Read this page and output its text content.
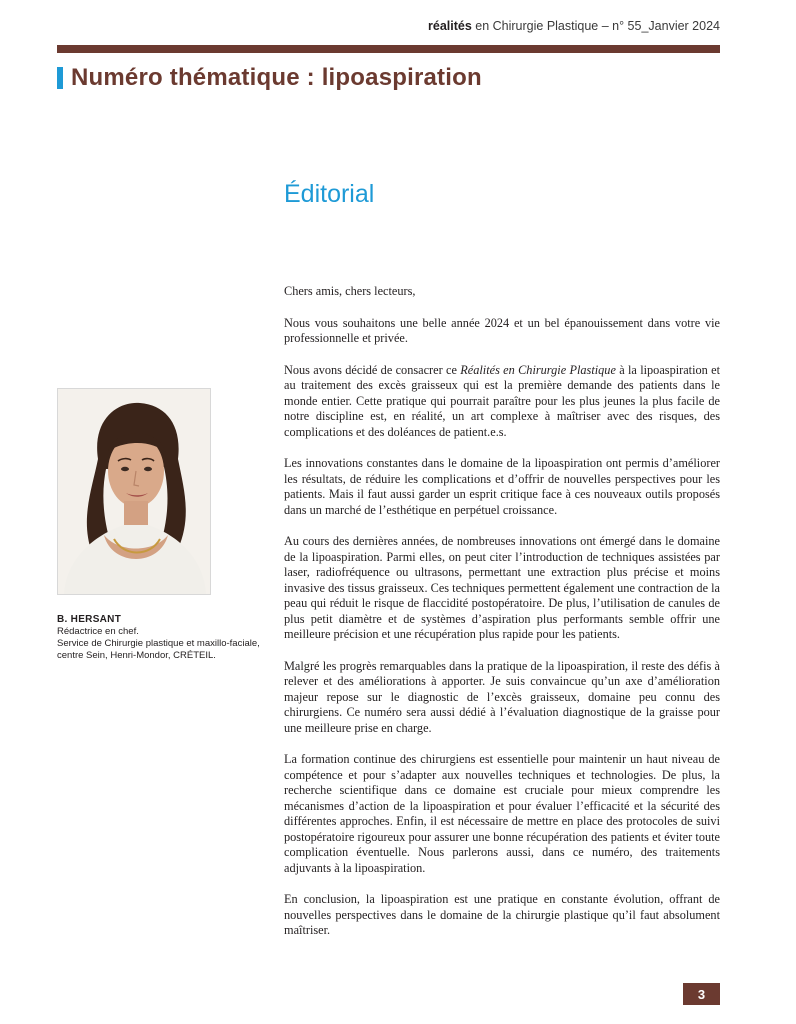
réalités en Chirurgie Plastique – n° 55_Janvier 2024
Numéro thématique : lipoaspiration
Éditorial
B. HERSANT
Rédactrice en chef.
Service de Chirurgie plastique et maxillo-faciale,
centre Sein, Henri-Mondor, CRÉTEIL.

Chers amis, chers lecteurs,

Nous vous souhaitons une belle année 2024 et un bel épanouissement dans votre vie professionnelle et privée.

Nous avons décidé de consacrer ce Réalités en Chirurgie Plastique à la lipoaspiration et au traitement des excès graisseux qui est la première demande des patients dans le monde entier. Cette pratique qui pourrait paraître pour les plus jeunes la plus facile de notre discipline est, en réalité, un art complexe à maîtriser avec des risques, des complications et des doléances de patient.e.s.

Les innovations constantes dans le domaine de la lipoaspiration ont permis d’améliorer les résultats, de réduire les complications et d’offrir de nouvelles perspectives pour les patients. Mais il faut aussi garder un esprit critique face à ces nouveaux outils proposés dans un marché de l’esthétique en perpétuel croissance.

Au cours des dernières années, de nombreuses innovations ont émergé dans le domaine de la lipoaspiration. Parmi elles, on peut citer l’introduction de techniques assistées par laser, radiofréquence ou ultrasons, permettant une extraction plus précise et moins invasive des tissus graisseux. Ces techniques permettent également une contraction de la peau qui réduit le risque de flaccidité postopératoire. De plus, l’utilisation de canules de plus petit diamètre et de systèmes d’aspiration plus performants semble offrir une meilleure précision et une récupération plus rapide pour les patients.

Malgré les progrès remarquables dans la pratique de la lipoaspiration, il reste des défis à relever et des améliorations à apporter. Je suis convaincue qu’un axe d’amélioration majeur repose sur le diagnostic de l’excès graisseux, domaine peu connu des chirurgiens. Ce numéro sera aussi dédié à l’évaluation diagnostique de la graisse pour une meilleure prise en charge.

La formation continue des chirurgiens est essentielle pour maintenir un haut niveau de compétence et pour s’adapter aux nouvelles techniques et technologies. De plus, la recherche scientifique dans ce domaine est cruciale pour mieux comprendre les mécanismes d’action de la lipoaspiration et pour évaluer l’efficacité et la sécurité des différentes approches. Enfin, il est nécessaire de mettre en place des protocoles de suivi postopératoire rigoureux pour assurer une bonne récupération des patients et éviter toute complication éventuelle. Nous parlerons aussi, dans ce numéro, des traitements adjuvants à la lipoaspiration.

En conclusion, la lipoaspiration est une pratique en constante évolution, offrant de nouvelles perspectives dans le domaine de la chirurgie plastique qu’il faut absolument maîtriser.

3
